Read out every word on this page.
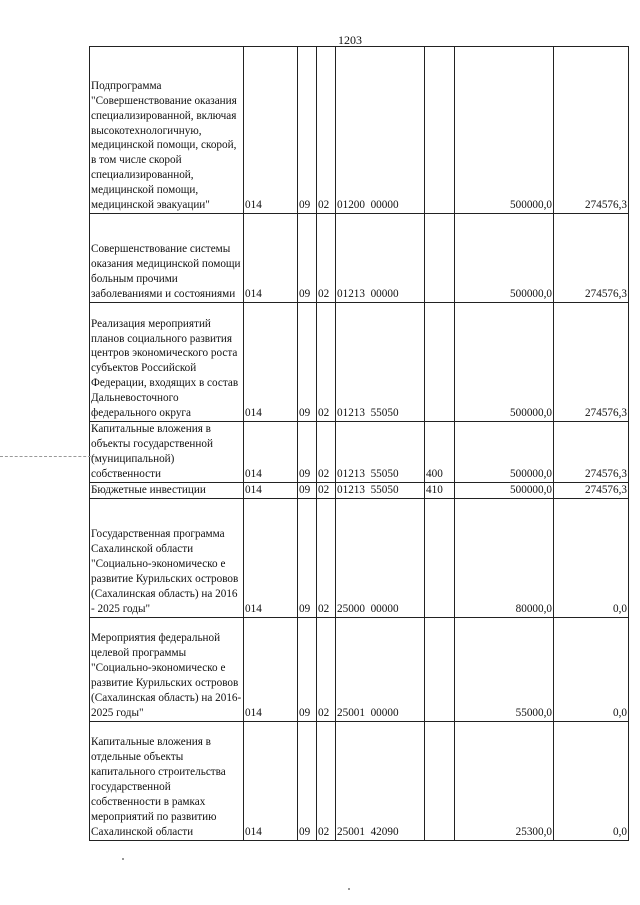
1203
Подпрограмма "Совершенствование оказания специализированной, включая высокотехнологичную, медицинской помощи, скорой, в том числе скорой специализированной, медицинской помощи, медицинской эвакуации"	014	09	02	01200  00000		500000,0	274576,3
Совершенствование системы оказания медицинской помощи больным прочими заболеваниями и состояниями	014	09	02	01213  00000		500000,0	274576,3
Реализация мероприятий планов социального развития центров экономического роста субъектов Российской Федерации, входящих в состав Дальневосточного федерального округа	014	09	02	01213  55050		500000,0	274576,3
Капитальные вложения в объекты государственной (муниципальной) собственности	014	09	02	01213  55050	400	500000,0	274576,3
Бюджетные инвестиции	014	09	02	01213  55050	410	500000,0	274576,3
Государственная программа Сахалинской области "Социально-экономическо е развитие Курильских островов (Сахалинская область) на 2016 - 2025 годы"	014	09	02	25000  00000		80000,0	0,0
Мероприятия федеральной целевой программы "Социально-экономическо е развитие Курильских островов (Сахалинская область) на 2016-2025 годы"	014	09	02	25001  00000		55000,0	0,0
Капитальные вложения в отдельные объекты капитального строительства государственной собственности в рамках мероприятий по развитию Сахалинской области	014	09	02	25001  42090		25300,0	0,0
